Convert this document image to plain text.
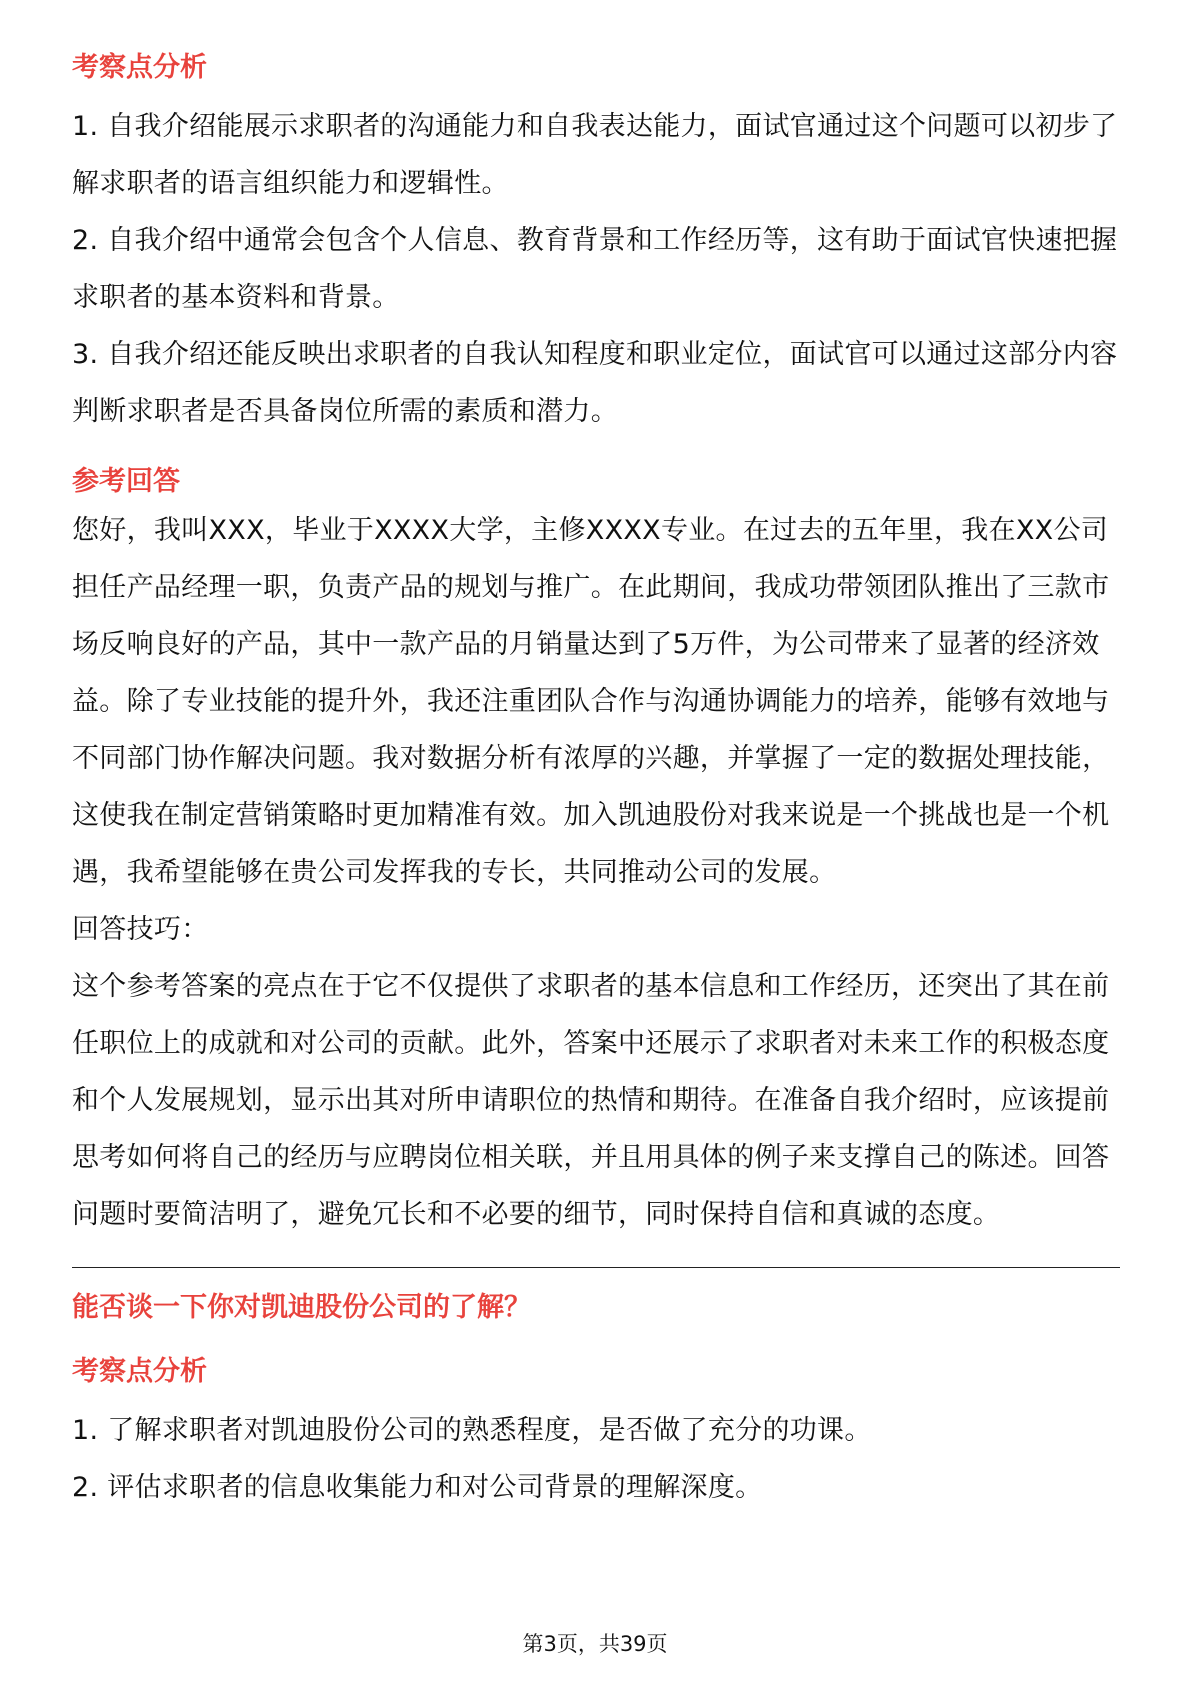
考察点分析

1. 自我介绍能展示求职者的沟通能力和自我表达能力，面试官通过这个问题可以初步了解求职者的语言组织能力和逻辑性。

2. 自我介绍中通常会包含个人信息、教育背景和工作经历等，这有助于面试官快速把握求职者的基本资料和背景。

3. 自我介绍还能反映出求职者的自我认知程度和职业定位，面试官可以通过这部分内容判断求职者是否具备岗位所需的素质和潜力。

参考回答

您好，我叫XXX，毕业于XXXX大学，主修XXXX专业。在过去的五年里，我在XX公司担任产品经理一职，负责产品的规划与推广。在此期间，我成功带领团队推出了三款市场反响良好的产品，其中一款产品的月销量达到了5万件，为公司带来了显著的经济效益。除了专业技能的提升外，我还注重团队合作与沟通协调能力的培养，能够有效地与不同部门协作解决问题。我对数据分析有浓厚的兴趣，并掌握了一定的数据处理技能，这使我在制定营销策略时更加精准有效。加入凯迪股份对我来说是一个挑战也是一个机遇，我希望能够在贵公司发挥我的专长，共同推动公司的发展。

回答技巧：

这个参考答案的亮点在于它不仅提供了求职者的基本信息和工作经历，还突出了其在前任职位上的成就和对公司的贡献。此外，答案中还展示了求职者对未来工作的积极态度和个人发展规划，显示出其对所申请职位的热情和期待。在准备自我介绍时，应该提前思考如何将自己的经历与应聘岗位相关联，并且用具体的例子来支撑自己的陈述。回答问题时要简洁明了，避免冗长和不必要的细节，同时保持自信和真诚的态度。

能否谈一下你对凯迪股份公司的了解？

考察点分析

1. 了解求职者对凯迪股份公司的熟悉程度，是否做了充分的功课。

2. 评估求职者的信息收集能力和对公司背景的理解深度。

第3页，共39页
